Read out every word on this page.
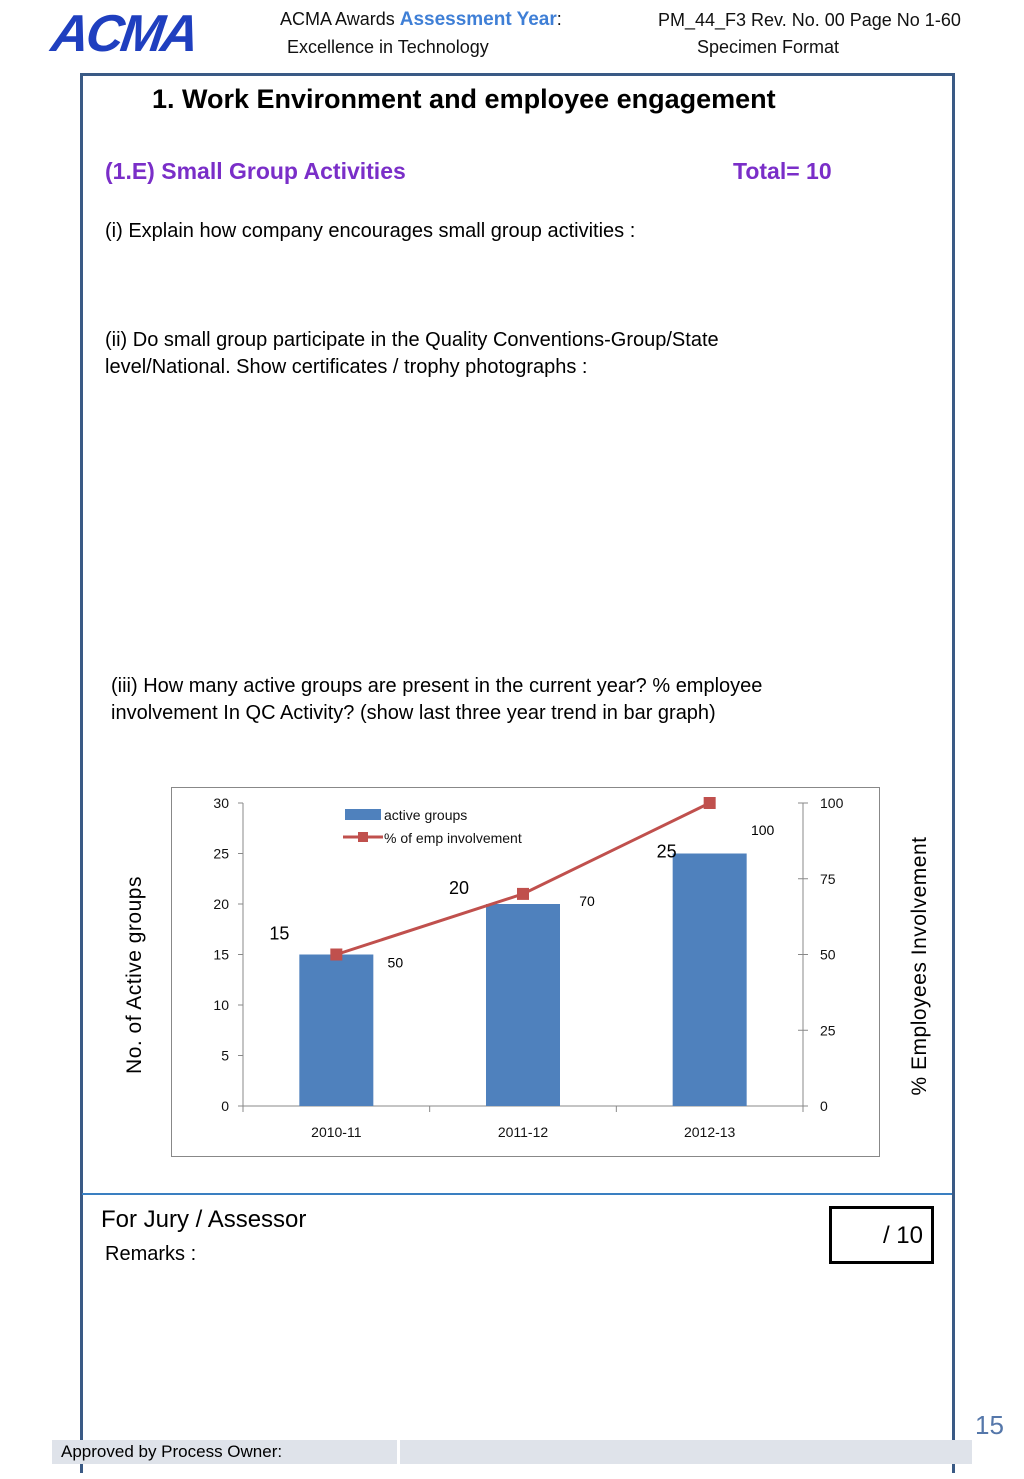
ACMA	ACMA Awards Assessment Year:	PM_44_F3 Rev. No. 00 Page No 1-60
Excellence in Technology	Specimen Format
1. Work Environment and employee engagement
(1.E) Small Group Activities	Total= 10
(i) Explain how company encourages small group activities :
(ii) Do small group participate in the Quality Conventions-Group/State
level/National. Show certificates / trophy photographs :
(iii) How many active groups are present in the current year? % employee
involvement In QC Activity? (show last three year trend in bar graph)
0
5
10
15
20
25
30
0
25
50
75
100
2010-11	2011-12	2012-13
15
20
25
50
70
100
active groups
% of emp involvement
No. of Active groups	% Employees Involvement
For Jury / Assessor
Remarks :
/ 10
15
Approved by Process Owner:
